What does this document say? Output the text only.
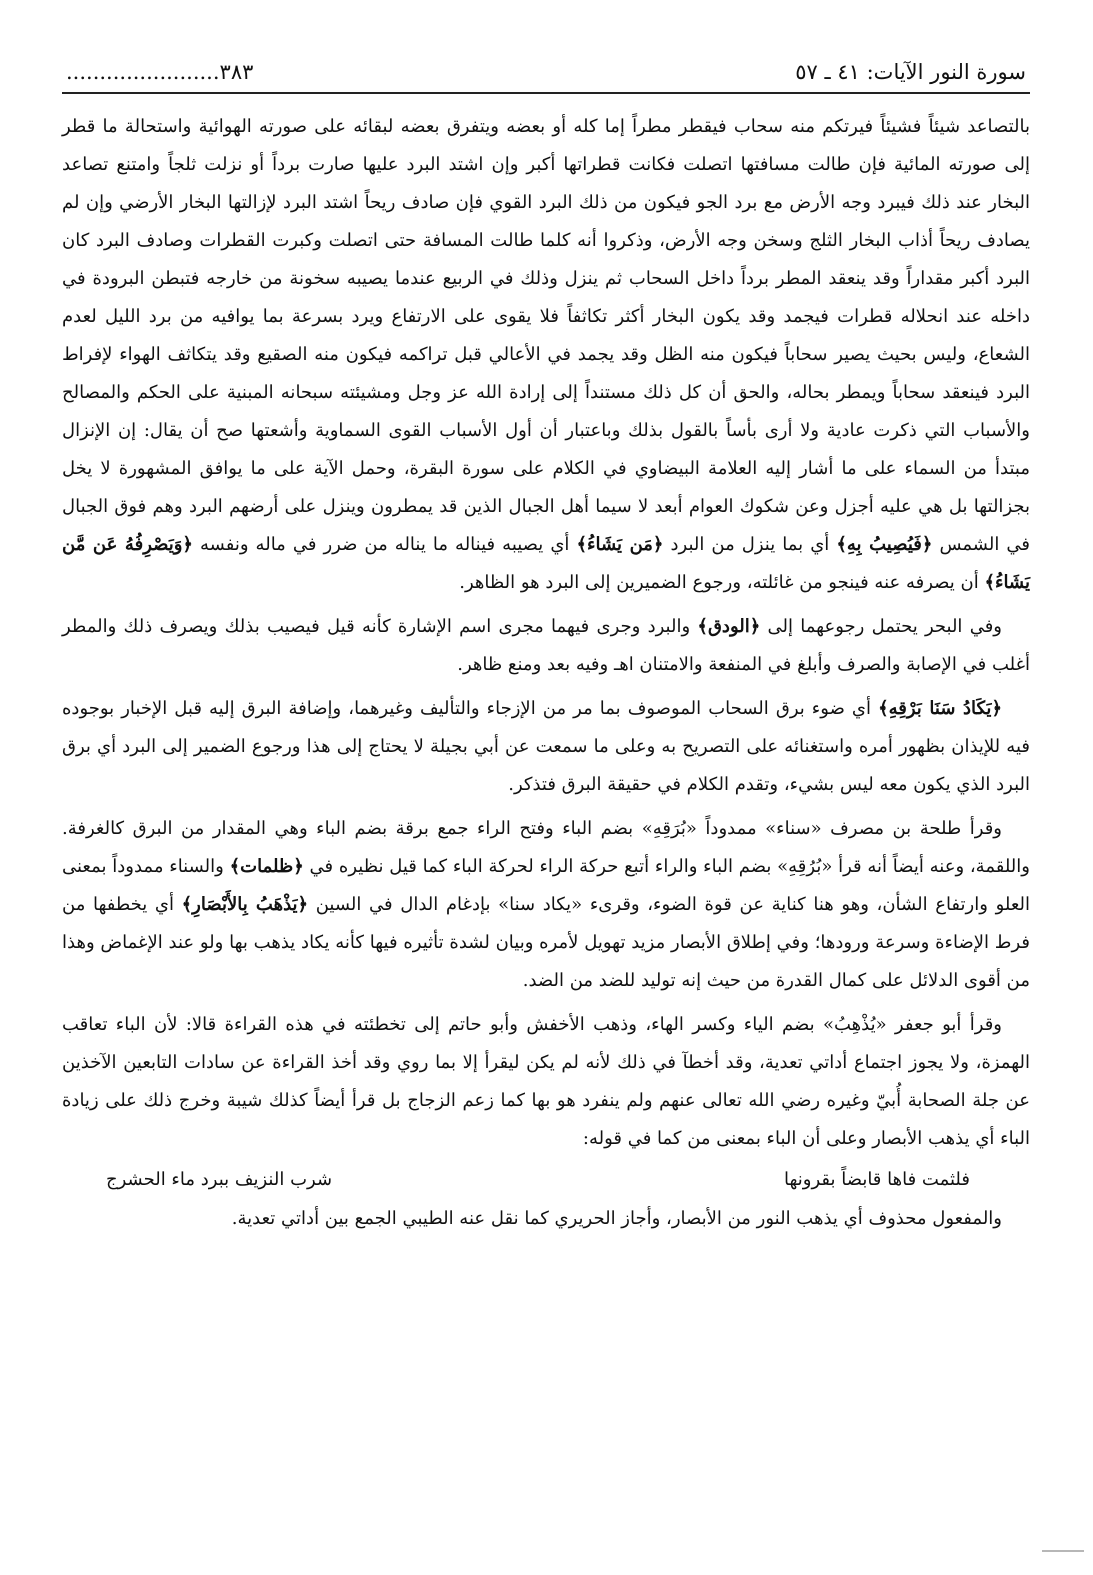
سورة النور الآيات: ٤١ ـ ٥٧
٣٨٣.......................

بالتصاعد شيئاً فشيئاً فيرتكم منه سحاب فيقطر مطراً إما كله أو بعضه ويتفرق بعضه لبقائه على صورته الهوائية واستحالة ما قطر إلى صورته المائية فإن طالت مسافتها اتصلت فكانت قطراتها أكبر وإن اشتد البرد عليها صارت برداً أو نزلت ثلجاً وامتنع تصاعد البخار عند ذلك فيبرد وجه الأرض مع برد الجو فيكون من ذلك البرد القوي فإن صادف ريحاً اشتد البرد لإزالتها البخار الأرضي وإن لم يصادف ريحاً أذاب البخار الثلج وسخن وجه الأرض، وذكروا أنه كلما طالت المسافة حتى اتصلت وكبرت القطرات وصادف البرد كان البرد أكبر مقداراً وقد ينعقد المطر برداً داخل السحاب ثم ينزل وذلك في الربيع عندما يصيبه سخونة من خارجه فتبطن البرودة في داخله عند انحلاله قطرات فيجمد وقد يكون البخار أكثر تكاثفاً فلا يقوى على الارتفاع ويرد بسرعة بما يوافيه من برد الليل لعدم الشعاع، وليس بحيث يصير سحاباً فيكون منه الظل وقد يجمد في الأعالي قبل تراكمه فيكون منه الصقيع وقد يتكاثف الهواء لإفراط البرد فينعقد سحاباً ويمطر بحاله، والحق أن كل ذلك مستنداً إلى إرادة الله عز وجل ومشيئته سبحانه المبنية على الحكم والمصالح والأسباب التي ذكرت عادية ولا أرى بأساً بالقول بذلك وباعتبار أن أول الأسباب القوى السماوية وأشعتها صح أن يقال: إن الإنزال مبتدأ من السماء على ما أشار إليه العلامة البيضاوي في الكلام على سورة البقرة، وحمل الآية على ما يوافق المشهورة لا يخل بجزالتها بل هي عليه أجزل وعن شكوك العوام أبعد لا سيما أهل الجبال الذين قد يمطرون وينزل على أرضهم البرد وهم فوق الجبال في الشمس ﴿فَيُصِيبُ بِهِ﴾ أي بما ينزل من البرد ﴿مَن يَشَاءُ﴾ أي يصيبه فيناله ما يناله من ضرر في ماله ونفسه ﴿وَيَصْرِفُهُ عَن مَّن يَشَاءُ﴾ أن يصرفه عنه فينجو من غائلته، ورجوع الضميرين إلى البرد هو الظاهر.

وفي البحر يحتمل رجوعهما إلى ﴿الودق﴾ والبرد وجرى فيهما مجرى اسم الإشارة كأنه قيل فيصيب بذلك ويصرف ذلك والمطر أغلب في الإصابة والصرف وأبلغ في المنفعة والامتنان اهـ وفيه بعد ومنع ظاهر.

﴿يَكَادُ سَنَا بَرْقِهِ﴾ أي ضوء برق السحاب الموصوف بما مر من الإزجاء والتأليف وغيرهما، وإضافة البرق إليه قبل الإخبار بوجوده فيه للإيذان بظهور أمره واستغنائه على التصريح به وعلى ما سمعت عن أبي بجيلة لا يحتاج إلى هذا ورجوع الضمير إلى البرد أي برق البرد الذي يكون معه ليس بشيء، وتقدم الكلام في حقيقة البرق فتذكر.

وقرأ طلحة بن مصرف «سناء» ممدوداً «بُرَقِهِ» بضم الباء وفتح الراء جمع برقة بضم الباء وهي المقدار من البرق كالغرفة. واللقمة، وعنه أيضاً أنه قرأ «بُرُقِهِ» بضم الباء والراء أتبع حركة الراء لحركة الباء كما قيل نظيره في ﴿ظلمات﴾ والسناء ممدوداً بمعنى العلو وارتفاع الشأن، وهو هنا كناية عن قوة الضوء، وقرىء «يكاد سنا» بإدغام الدال في السين ﴿يَذْهَبُ بِالأَبْصَارِ﴾ أي يخطفها من فرط الإضاءة وسرعة ورودها؛ وفي إطلاق الأبصار مزيد تهويل لأمره وبيان لشدة تأثيره فيها كأنه يكاد يذهب بها ولو عند الإغماض وهذا من أقوى الدلائل على كمال القدرة من حيث إنه توليد للضد من الضد.

وقرأ أبو جعفر «يُذْهِبُ» بضم الياء وكسر الهاء، وذهب الأخفش وأبو حاتم إلى تخطئته في هذه القراءة قالا: لأن الباء تعاقب الهمزة، ولا يجوز اجتماع أداتي تعدية، وقد أخطآ في ذلك لأنه لم يكن ليقرأ إلا بما روي وقد أخذ القراءة عن سادات التابعين الآخذين عن جلة الصحابة أُبيّ وغيره رضي الله تعالى عنهم ولم ينفرد هو بها كما زعم الزجاج بل قرأ أيضاً كذلك شيبة وخرج ذلك على زيادة الباء أي يذهب الأبصار وعلى أن الباء بمعنى من كما في قوله:

فلثمت فاها قابضاً بقرونها
شرب النزيف ببرد ماء الحشرج

والمفعول محذوف أي يذهب النور من الأبصار، وأجاز الحريري كما نقل عنه الطيبي الجمع بين أداتي تعدية.
